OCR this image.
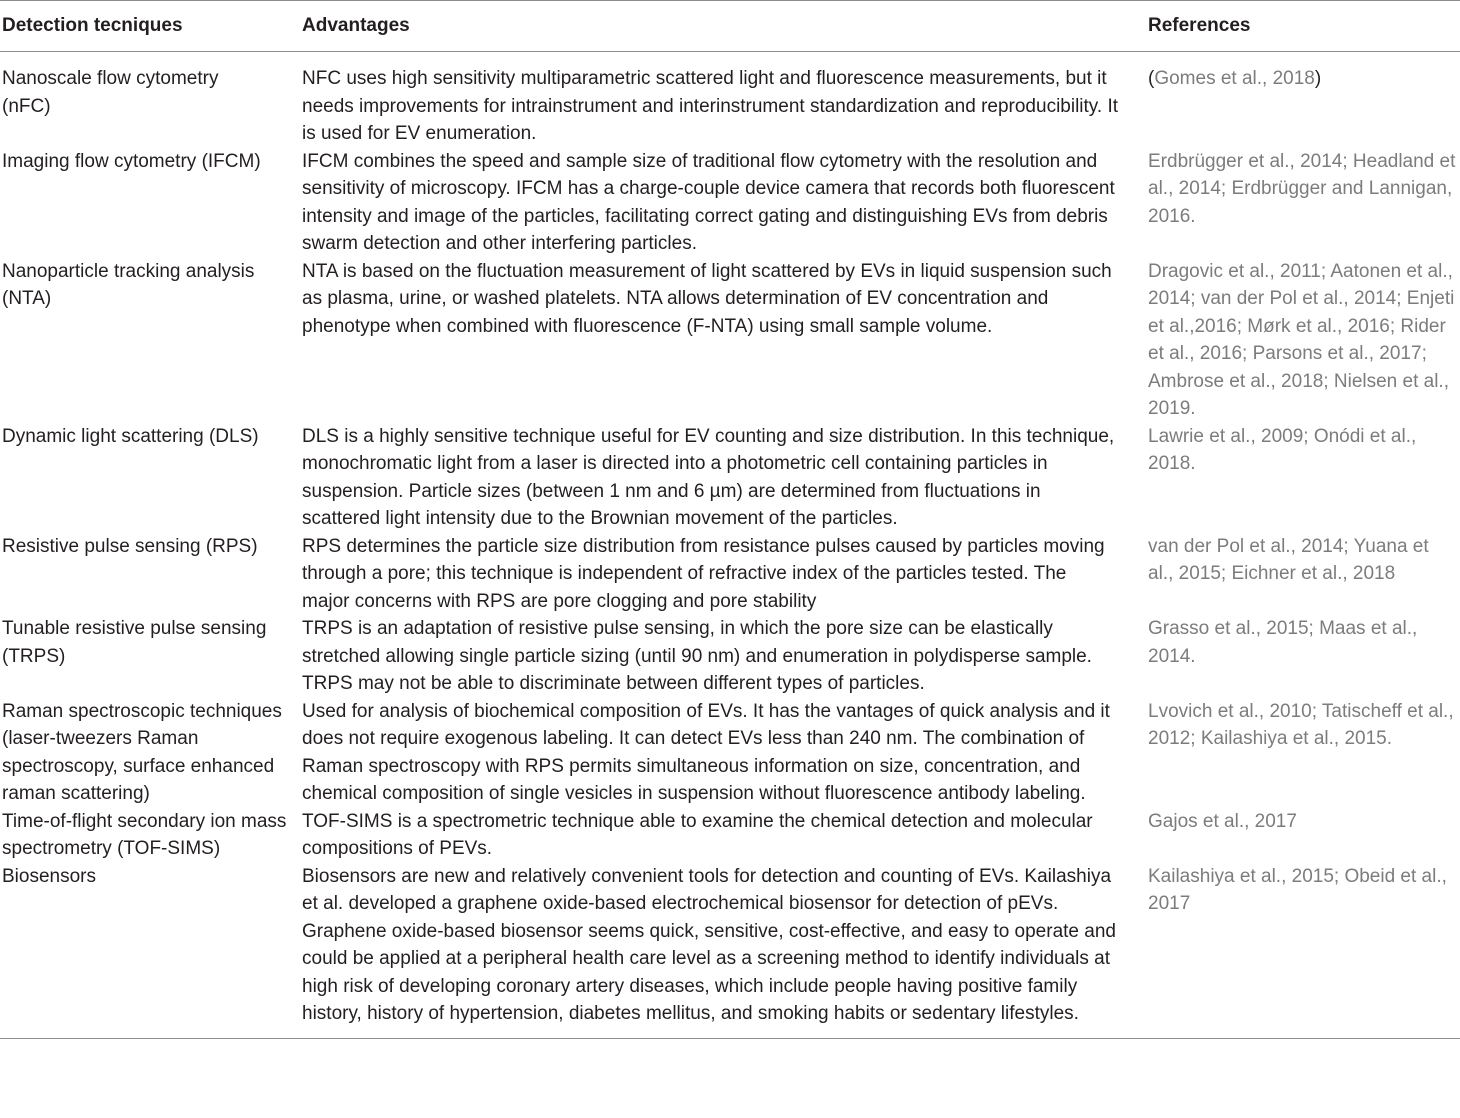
Detection tecniques	Advantages	References
Nanoscale flow cytometry (nFC)	NFC uses high sensitivity multiparametric scattered light and fluorescence measurements, but it needs improvements for intrainstrument and interinstrument standardization and reproducibility. It is used for EV enumeration.	(Gomes et al., 2018)
Imaging flow cytometry (IFCM)	IFCM combines the speed and sample size of traditional flow cytometry with the resolution and sensitivity of microscopy. IFCM has a charge-couple device camera that records both fluorescent intensity and image of the particles, facilitating correct gating and distinguishing EVs from debris swarm detection and other interfering particles.	Erdbrügger et al., 2014; Headland et al., 2014; Erdbrügger and Lannigan, 2016.
Nanoparticle tracking analysis (NTA)	NTA is based on the fluctuation measurement of light scattered by EVs in liquid suspension such as plasma, urine, or washed platelets. NTA allows determination of EV concentration and phenotype when combined with fluorescence (F-NTA) using small sample volume.	Dragovic et al., 2011; Aatonen et al., 2014; van der Pol et al., 2014; Enjeti et al.,2016; Mørk et al., 2016; Rider et al., 2016; Parsons et al., 2017; Ambrose et al., 2018; Nielsen et al., 2019.
Dynamic light scattering (DLS)	DLS is a highly sensitive technique useful for EV counting and size distribution. In this technique, monochromatic light from a laser is directed into a photometric cell containing particles in suspension. Particle sizes (between 1 nm and 6 µm) are determined from fluctuations in scattered light intensity due to the Brownian movement of the particles.	Lawrie et al., 2009; Onódi et al., 2018.
Resistive pulse sensing (RPS)	RPS determines the particle size distribution from resistance pulses caused by particles moving through a pore; this technique is independent of refractive index of the particles tested. The major concerns with RPS are pore clogging and pore stability	van der Pol et al., 2014; Yuana et al., 2015; Eichner et al., 2018
Tunable resistive pulse sensing (TRPS)	TRPS is an adaptation of resistive pulse sensing, in which the pore size can be elastically stretched allowing single particle sizing (until 90 nm) and enumeration in polydisperse sample. TRPS may not be able to discriminate between different types of particles.	Grasso et al., 2015; Maas et al., 2014.
Raman spectroscopic techniques (laser-tweezers Raman spectroscopy, surface enhanced raman scattering)	Used for analysis of biochemical composition of EVs. It has the vantages of quick analysis and it does not require exogenous labeling. It can detect EVs less than 240 nm. The combination of Raman spectroscopy with RPS permits simultaneous information on size, concentration, and chemical composition of single vesicles in suspension without fluorescence antibody labeling.	Lvovich et al., 2010; Tatischeff et al., 2012; Kailashiya et al., 2015.
Time-of-flight secondary ion mass spectrometry (TOF-SIMS)	TOF-SIMS is a spectrometric technique able to examine the chemical detection and molecular compositions of PEVs.	Gajos et al., 2017
Biosensors	Biosensors are new and relatively convenient tools for detection and counting of EVs. Kailashiya et al. developed a graphene oxide-based electrochemical biosensor for detection of pEVs. Graphene oxide-based biosensor seems quick, sensitive, cost-effective, and easy to operate and could be applied at a peripheral health care level as a screening method to identify individuals at high risk of developing coronary artery diseases, which include people having positive family history, history of hypertension, diabetes mellitus, and smoking habits or sedentary lifestyles.	Kailashiya et al., 2015; Obeid et al., 2017
